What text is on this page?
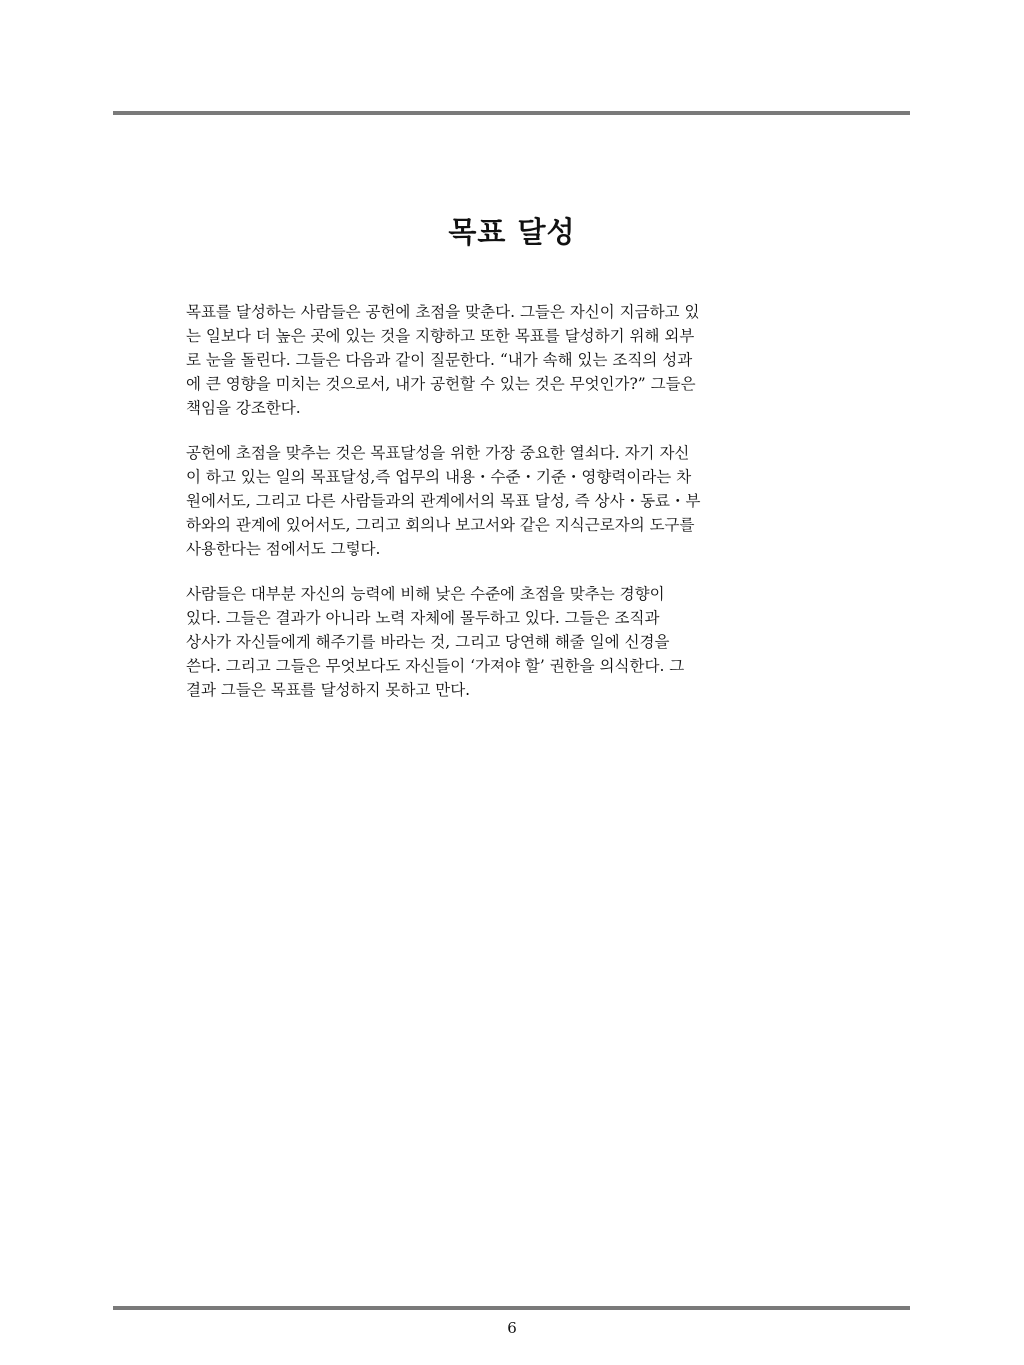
목표 달성

목표를 달성하는 사람들은 공헌에 초점을 맞춘다. 그들은 자신이 지금하고 있
는 일보다 더 높은 곳에 있는 것을 지향하고 또한 목표를 달성하기 위해 외부
로 눈을 돌린다. 그들은 다음과 같이 질문한다. “내가 속해 있는 조직의 성과
에 큰 영향을 미치는 것으로서, 내가 공헌할 수 있는 것은 무엇인가?” 그들은
책임을 강조한다.

공헌에 초점을 맞추는 것은 목표달성을 위한 가장 중요한 열쇠다. 자기 자신
이 하고 있는 일의 목표달성,즉 업무의 내용・수준・기준・영향력이라는 차
원에서도, 그리고 다른 사람들과의 관계에서의 목표 달성, 즉 상사・동료・부
하와의 관계에 있어서도, 그리고 회의나 보고서와 같은 지식근로자의 도구를
사용한다는 점에서도 그렇다.

사람들은 대부분 자신의 능력에 비해 낮은 수준에 초점을 맞추는 경향이
있다. 그들은 결과가 아니라 노력 자체에 몰두하고 있다. 그들은 조직과
상사가 자신들에게 해주기를 바라는 것, 그리고 당연해 해줄 일에 신경을
쓴다. 그리고 그들은 무엇보다도 자신들이 ‘가져야 할’ 권한을 의식한다. 그
결과 그들은 목표를 달성하지 못하고 만다.

6
